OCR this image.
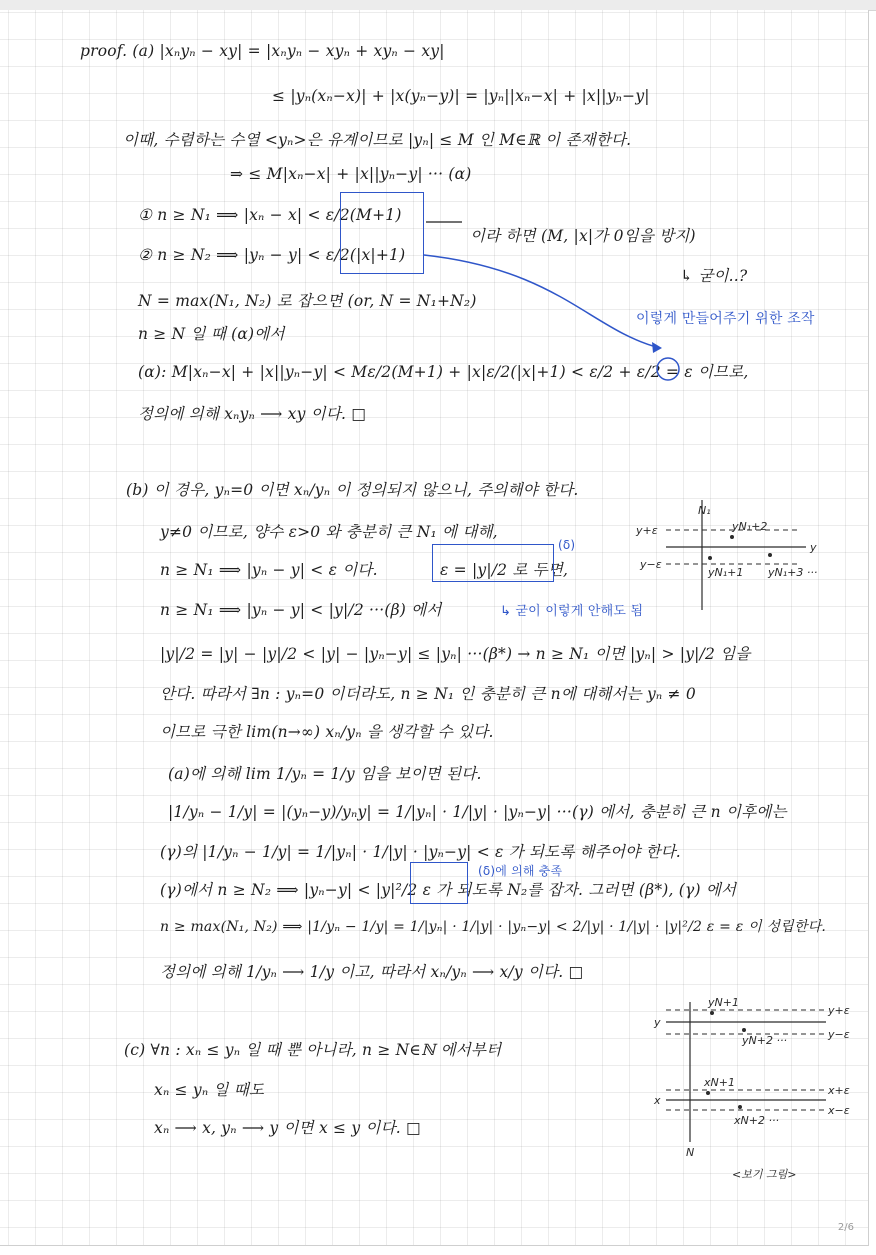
proof. (a) |xₙyₙ − xy| = |xₙyₙ − xyₙ + xyₙ − xy|
≤ |yₙ(xₙ−x)| + |x(yₙ−y)| = |yₙ||xₙ−x| + |x||yₙ−y|
이때, 수렴하는 수열 <yₙ>은 유계이므로 |yₙ| ≤ M 인 M∈ℝ 이 존재한다.
⇒ ≤ M|xₙ−x| + |x||yₙ−y| ··· (α)
① n ≥ N₁ ⟹ |xₙ − x| < ε/2(M+1)
이라 하면 (M, |x|가 0임을 방지)
② n ≥ N₂ ⟹ |yₙ − y| < ε/2(|x|+1)
↳ 굳이..?
N = max(N₁, N₂) 로 잡으면 (or, N = N₁+N₂)
이렇게 만들어주기 위한 조작
n ≥ N 일 때 (α)에서
(α): M|xₙ−x| + |x||yₙ−y| < Mε/2(M+1) + |x|ε/2(|x|+1) < ε/2 + ε/2 = ε 이므로,
정의에 의해 xₙyₙ ⟶ xy 이다. □
(b) 이 경우, yₙ=0 이면 xₙ/yₙ 이 정의되지 않으니, 주의해야 한다.
y≠0 이므로, 양수 ε>0 와 충분히 큰 N₁ 에 대해,
n ≥ N₁ ⟹ |yₙ − y| < ε 이다.	ε = |y|/2 로 두면,
(δ)
n ≥ N₁ ⟹ |yₙ − y| < |y|/2 ···(β) 에서	↳ 굳이 이렇게 안해도 됨
|y|/2 = |y| − |y|/2 < |y| − |yₙ−y| ≤ |yₙ| ···(β*) → n ≥ N₁ 이면 |yₙ| > |y|/2 임을
안다. 따라서 ∃n : yₙ=0 이더라도, n ≥ N₁ 인 충분히 큰 n에 대해서는 yₙ ≠ 0
이므로 극한 lim(n→∞) xₙ/yₙ 을 생각할 수 있다.
(a)에 의해 lim 1/yₙ = 1/y 임을 보이면 된다.
|1/yₙ − 1/y| = |(yₙ−y)/yₙy| = 1/|yₙ| · 1/|y| · |yₙ−y| ···(γ) 에서, 충분히 큰 n 이후에는
(γ)의 |1/yₙ − 1/y| = 1/|yₙ| · 1/|y| · |yₙ−y| < ε 가 되도록 해주어야 한다.
(δ)에 의해 충족
(γ)에서 n ≥ N₂ ⟹ |yₙ−y| < |y|²/2 ε 가 되도록 N₂를 잡자. 그러면 (β*), (γ) 에서
n ≥ max(N₁, N₂) ⟹ |1/yₙ − 1/y| = 1/|yₙ| · 1/|y| · |yₙ−y| < 2/|y| · 1/|y| · |y|²/2 ε = ε 이 성립한다.
정의에 의해 1/yₙ ⟶ 1/y 이고, 따라서 xₙ/yₙ ⟶ x/y 이다. □
(c) ∀n : xₙ ≤ yₙ 일 때 뿐 아니라, n ≥ N∈ℕ 에서부터
xₙ ≤ yₙ 일 때도
xₙ ⟶ x, yₙ ⟶ y 이면 x ≤ y 이다. □
y+ε
y−ε
y
N₁
yN₁+2
yN₁+1 yN₁+3 ···
y
y+ε
y−ε
x
x+ε
x−ε
yN+1
yN+2 ···
xN+1
xN+2 ···
N
<보기 그림>
2/6
